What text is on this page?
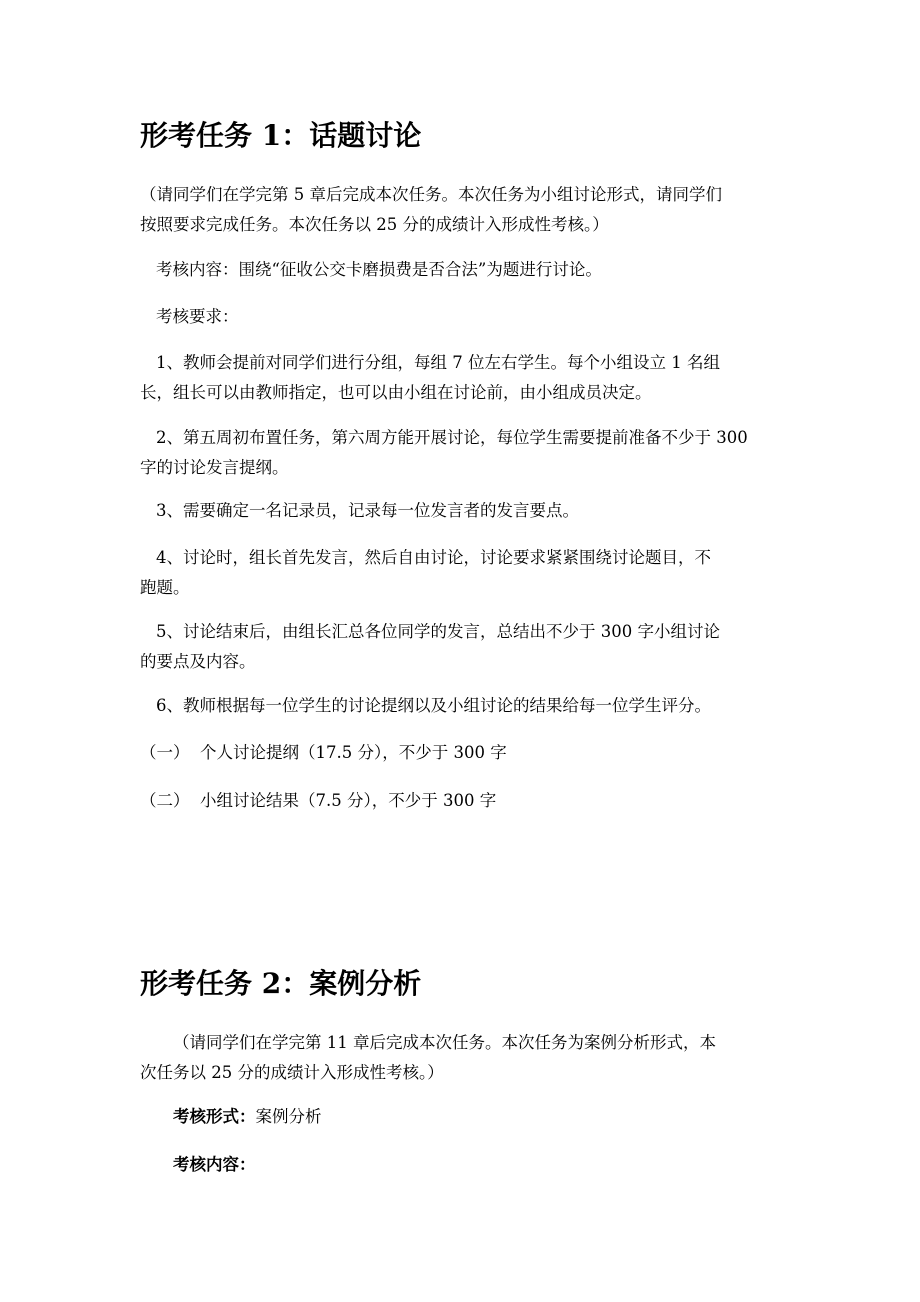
形考任务 1：话题讨论
（请同学们在学完第 5 章后完成本次任务。本次任务为小组讨论形式，请同学们
按照要求完成任务。本次任务以 25 分的成绩计入形成性考核。）
考核内容：围绕“征收公交卡磨损费是否合法”为题进行讨论。
考核要求：
1、教师会提前对同学们进行分组，每组 7 位左右学生。每个小组设立 1 名组
长，组长可以由教师指定，也可以由小组在讨论前，由小组成员决定。
2、第五周初布置任务，第六周方能开展讨论，每位学生需要提前准备不少于 300
字的讨论发言提纲。
3、需要确定一名记录员，记录每一位发言者的发言要点。
4、讨论时，组长首先发言，然后自由讨论，讨论要求紧紧围绕讨论题目，不
跑题。
5、讨论结束后，由组长汇总各位同学的发言，总结出不少于 300 字小组讨论
的要点及内容。
6、教师根据每一位学生的讨论提纲以及小组讨论的结果给每一位学生评分。
（一）  个人讨论提纲（17.5 分），不少于 300 字
（二）  小组讨论结果（7.5 分），不少于 300 字
形考任务 2：案例分析
（请同学们在学完第 11 章后完成本次任务。本次任务为案例分析形式，本
次任务以 25 分的成绩计入形成性考核。）
考核形式：案例分析
考核内容：
